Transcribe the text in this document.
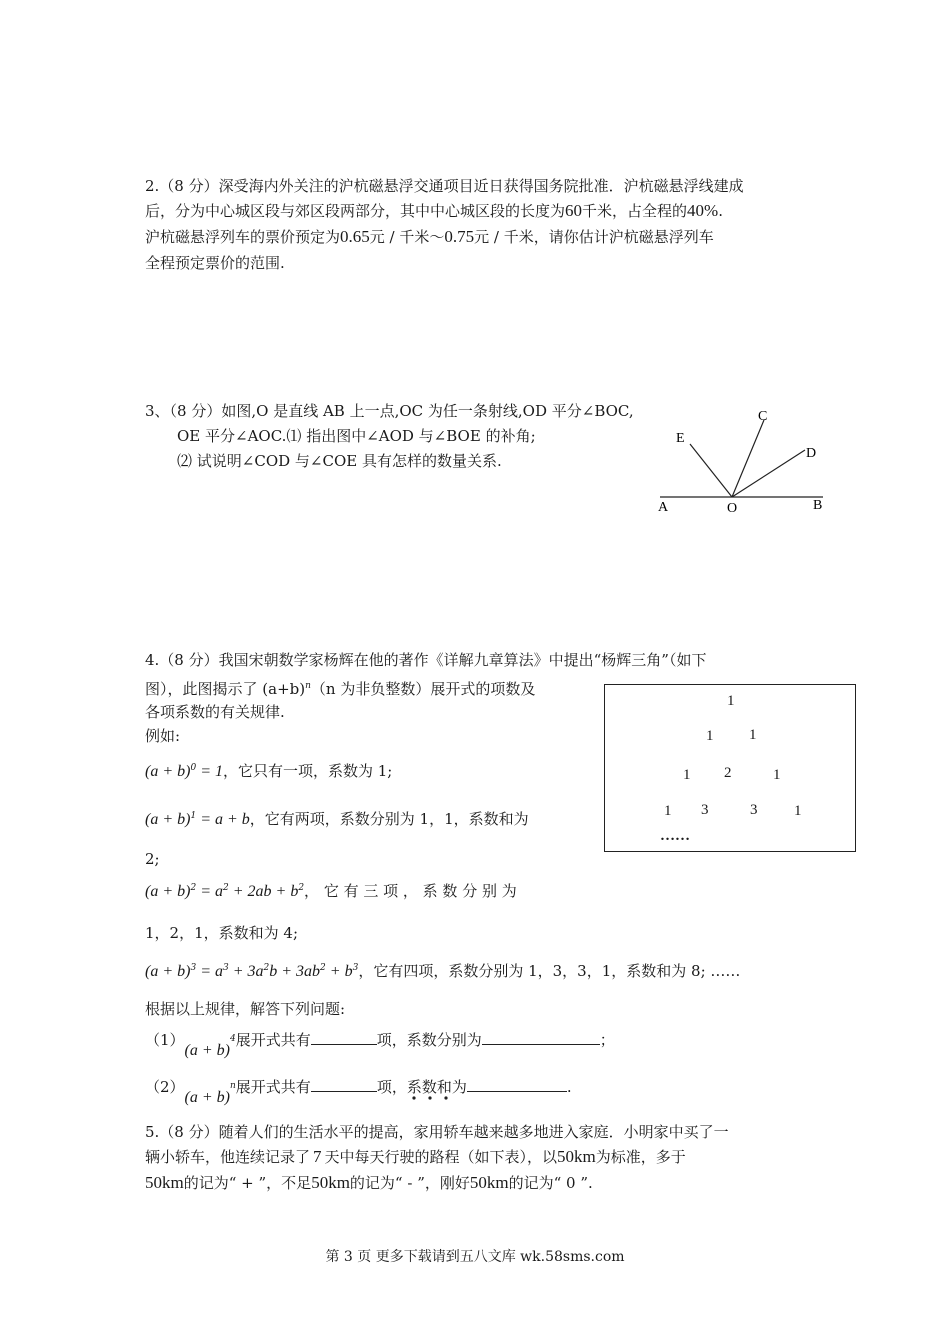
2.（8 分）深受海内外关注的沪杭磁悬浮交通项目近日获得国务院批准．沪杭磁悬浮线建成
后，分为中心城区段与郊区段两部分，其中中心城区段的长度为60千米，占全程的40%.
沪杭磁悬浮列车的票价预定为0.65元 / 千米～0.75元 / 千米，请你估计沪杭磁悬浮列车
全程预定票价的范围.
3、（8 分）如图,O 是直线 AB 上一点,OC 为任一条射线,OD 平分∠BOC,
OE 平分∠AOC.⑴ 指出图中∠AOD 与∠BOE 的补角;
⑵ 试说明∠COD 与∠COE 具有怎样的数量关系.
A	O	B
C
D
E
4.（8 分）我国宋朝数学家杨辉在他的著作《详解九章算法》中提出“杨辉三角”（如下
图），此图揭示了 $(a+b)^n(n$ 为非负整数）展开式的项数及
各项系数的有关规律.
例如:
$(a + b)^0 = 1$，它只有一项，系数为 1;
$(a + b)^1 = a + b$，它有两项，系数分别为 1，1，系数和为
2;
$(a + b)^2 = a^2 + 2ab + b^2$， 它 有 三 项 ， 系 数 分 别 为
1，2，1，系数和为 4;
$(a + b)^3 = a^3 + 3a^2b + 3ab^2 + b^3$，它有四项，系数分别为 1，3，3，1，系数和为 8; ……
根据以上规律，解答下列问题:
$(1)(a + b)^4$展开式共有	项，系数分别为	；
$(2)(a + b)^n$展开式共有	项，系数和为	.
1
1 1
1 2	1
1 3	3 1
……
5.（8 分）随着人们的生活水平的提高，家用轿车越来越多地进入家庭．小明家中买了一
辆小轿车，他连续记录了 7 天中每天行驶的路程（如下表），以50km为标准，多于
50km的记为“ + ”，不足50km的记为“ - ”，刚好50km的记为“ 0 ”.
第 3 页 更多下载请到五八文库 wk.58sms.com
